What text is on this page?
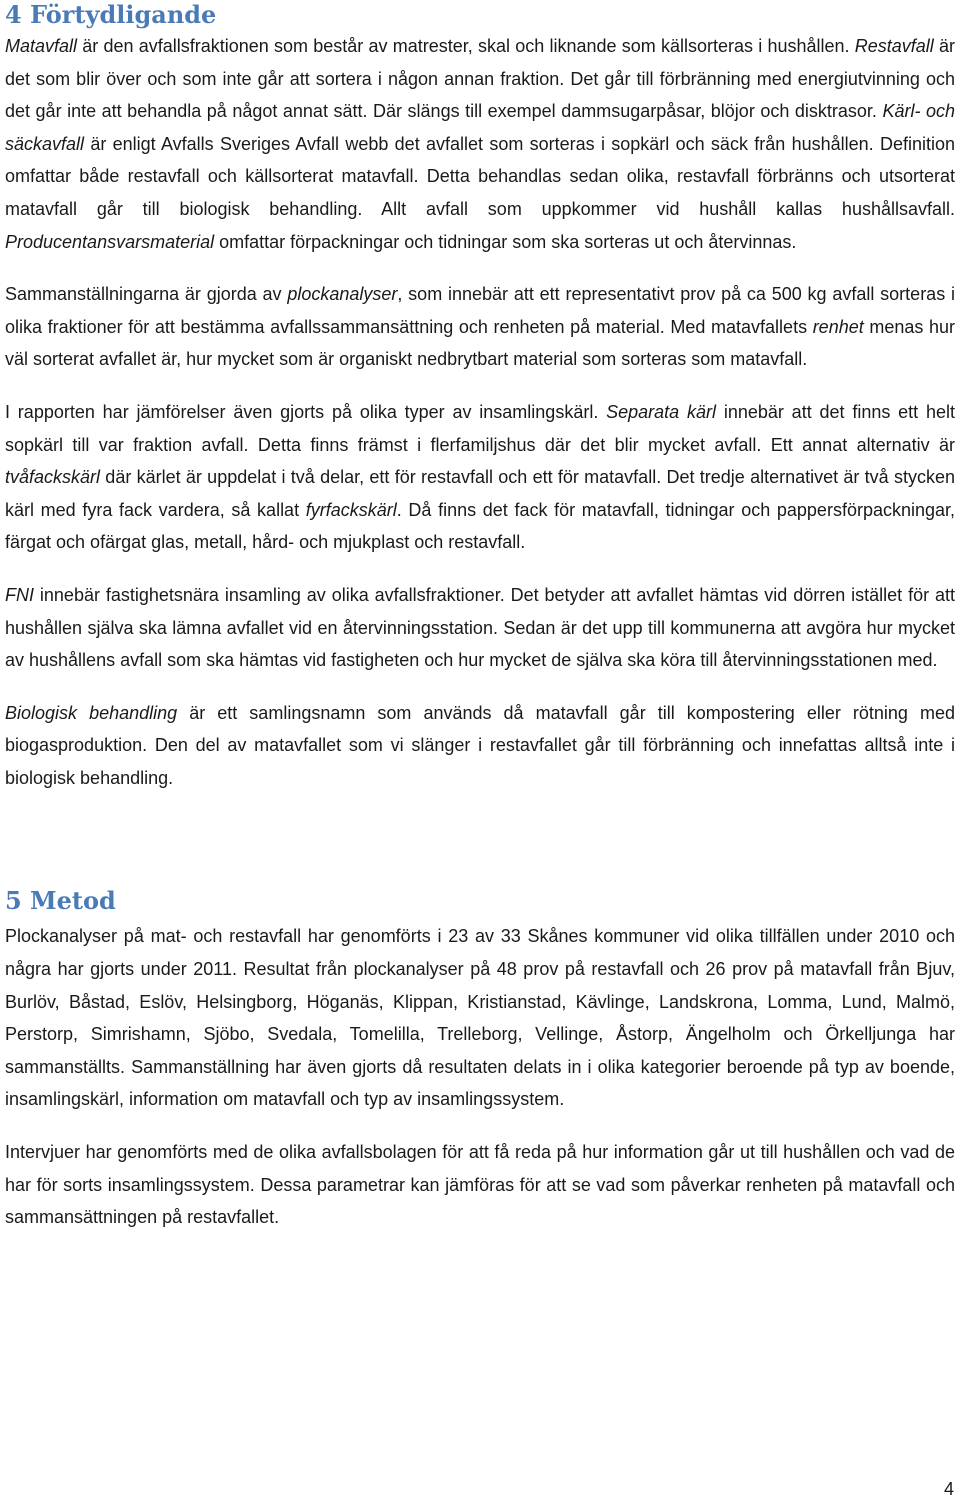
4 Förtydligande

Matavfall är den avfallsfraktionen som består av matrester, skal och liknande som källsorteras i hushållen. Restavfall är det som blir över och som inte går att sortera i någon annan fraktion. Det går till förbränning med energiutvinning och det går inte att behandla på något annat sätt. Där slängs till exempel dammsugarpåsar, blöjor och disktrasor. Kärl- och säckavfall är enligt Avfalls Sveriges Avfall webb det avfallet som sorteras i sopkärl och säck från hushållen. Definition omfattar både restavfall och källsorterat matavfall. Detta behandlas sedan olika, restavfall förbränns och utsorterat matavfall går till biologisk behandling. Allt avfall som uppkommer vid hushåll kallas hushållsavfall. Producentansvarsmaterial omfattar förpackningar och tidningar som ska sorteras ut och återvinnas.

Sammanställningarna är gjorda av plockanalyser, som innebär att ett representativt prov på ca 500 kg avfall sorteras i olika fraktioner för att bestämma avfallssammansättning och renheten på material. Med matavfallets renhet menas hur väl sorterat avfallet är, hur mycket som är organiskt nedbrytbart material som sorteras som matavfall.

I rapporten har jämförelser även gjorts på olika typer av insamlingskärl. Separata kärl innebär att det finns ett helt sopkärl till var fraktion avfall. Detta finns främst i flerfamiljshus där det blir mycket avfall. Ett annat alternativ är tvåfackskärl där kärlet är uppdelat i två delar, ett för restavfall och ett för matavfall. Det tredje alternativet är två stycken kärl med fyra fack vardera, så kallat fyrfackskärl. Då finns det fack för matavfall, tidningar och pappersförpackningar, färgat och ofärgat glas, metall, hård- och mjukplast och restavfall.

FNI innebär fastighetsnära insamling av olika avfallsfraktioner. Det betyder att avfallet hämtas vid dörren istället för att hushållen själva ska lämna avfallet vid en återvinningsstation. Sedan är det upp till kommunerna att avgöra hur mycket av hushållens avfall som ska hämtas vid fastigheten och hur mycket de själva ska köra till återvinningsstationen med.

Biologisk behandling är ett samlingsnamn som används då matavfall går till kompostering eller rötning med biogasproduktion. Den del av matavfallet som vi slänger i restavfallet går till förbränning och innefattas alltså inte i biologisk behandling.

5 Metod

Plockanalyser på mat- och restavfall har genomförts i 23 av 33 Skånes kommuner vid olika tillfällen under 2010 och några har gjorts under 2011. Resultat från plockanalyser på 48 prov på restavfall och 26 prov på matavfall från Bjuv, Burlöv, Båstad, Eslöv, Helsingborg, Höganäs, Klippan, Kristianstad, Kävlinge, Landskrona, Lomma, Lund, Malmö, Perstorp, Simrishamn, Sjöbo, Svedala, Tomelilla, Trelleborg, Vellinge, Åstorp, Ängelholm och Örkelljunga har sammanställts. Sammanställning har även gjorts då resultaten delats in i olika kategorier beroende på typ av boende, insamlingskärl, information om matavfall och typ av insamlingssystem.

Intervjuer har genomförts med de olika avfallsbolagen för att få reda på hur information går ut till hushållen och vad de har för sorts insamlingssystem. Dessa parametrar kan jämföras för att se vad som påverkar renheten på matavfall och sammansättningen på restavfallet.

4
